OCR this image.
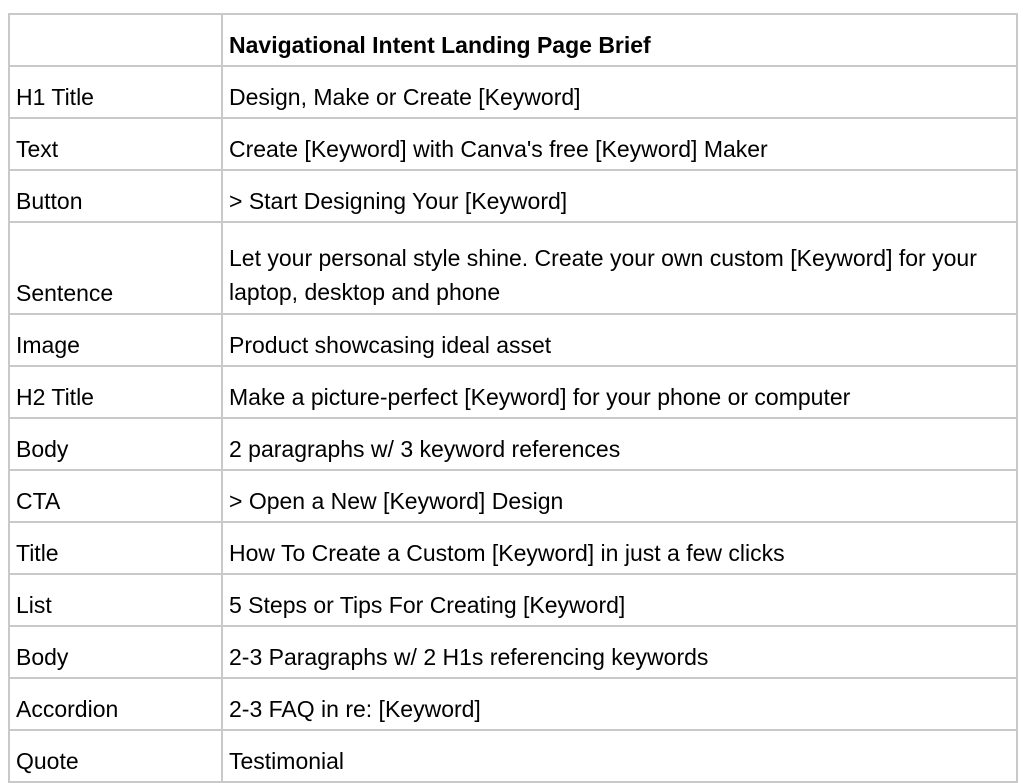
	Navigational Intent Landing Page Brief
H1 Title	Design, Make or Create [Keyword]
Text	Create [Keyword] with Canva's free [Keyword] Maker
Button	> Start Designing Your [Keyword]
Sentence	Let your personal style shine. Create your own custom [Keyword] for your laptop, desktop and phone
Image	Product showcasing ideal asset
H2 Title	Make a picture-perfect [Keyword] for your phone or computer
Body	2 paragraphs w/ 3 keyword references
CTA	> Open a New [Keyword] Design
Title	How To Create a Custom [Keyword] in just a few clicks
List	5 Steps or Tips For Creating [Keyword]
Body	2-3 Paragraphs w/ 2 H1s referencing keywords
Accordion	2-3 FAQ in re: [Keyword]
Quote	Testimonial
